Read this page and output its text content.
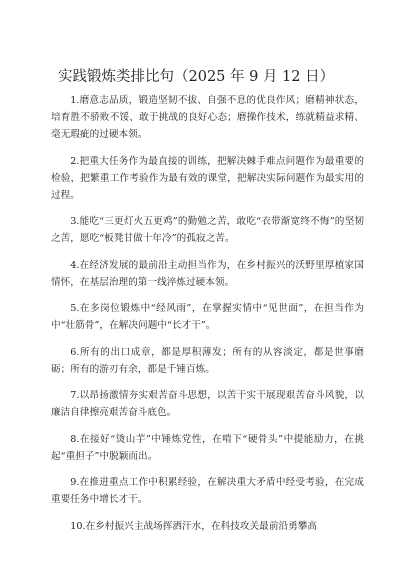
实践锻炼类排比句（2025 年 9 月 12 日）

1.磨意志品质，锻造坚韧不拔、自强不息的优良作风；磨精神状态，培育胜不骄败不馁、敢于挑战的良好心态；磨操作技术，练就精益求精、毫无瑕疵的过硬本领。

2.把重大任务作为最直接的训练，把解决棘手难点问题作为最重要的检验，把繁重工作考验作为最有效的课堂，把解决实际问题作为最实用的过程。

3.能吃“三更灯火五更鸡”的勤勉之苦，敢吃“衣带渐宽终不悔”的坚韧之苦，愿吃“板凳甘做十年冷”的孤寂之苦。

4.在经济发展的最前沿主动担当作为，在乡村振兴的沃野里厚植家国情怀，在基层治理的第一线淬炼过硬本领。

5.在多岗位锻炼中“经风雨”，在掌握实情中“见世面”，在担当作为中“壮筋骨”，在解决问题中“长才干”。

6.所有的出口成章，都是厚积薄发；所有的从容淡定，都是世事磨砺；所有的游刃有余，都是千锤百炼。

7.以昂扬激情夯实艰苦奋斗思想，以苦干实干展现艰苦奋斗风貌，以廉洁自律擦亮艰苦奋斗底色。

8.在接好“烫山芋”中锤炼党性，在啃下“硬骨头”中提能励力，在挑起“重担子”中脱颖而出。

9.在推进重点工作中积累经验，在解决重大矛盾中经受考验，在完成重要任务中增长才干。

10.在乡村振兴主战场挥洒汗水，在科技攻关最前沿勇攀高
